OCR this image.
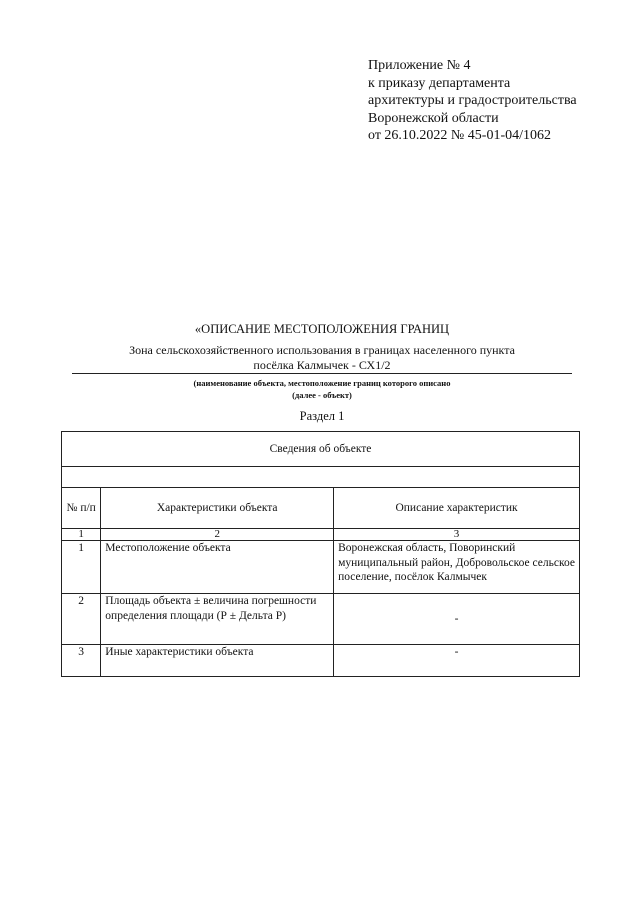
Приложение № 4
к приказу департамента
архитектуры и градостроительства
Воронежской области
от 26.10.2022 № 45-01-04/1062
«ОПИСАНИЕ МЕСТОПОЛОЖЕНИЯ ГРАНИЦ
Зона сельскохозяйственного использования в границах населенного пункта
посёлка Калмычек - СХ1/2
(наименование объекта, местоположение границ которого описано
(далее - объект)
Раздел 1
Сведения об объекте		

№ п/п	Характеристики объекта	Описание характеристик
1	2	3
1	Местоположение объекта	Воронежская область, Поворинский муниципальный район, Добровольское сельское поселение, посёлок Калмычек
2	Площадь объекта ± величина погрешности определения площади (Р ± Дельта Р)	-
3	Иные характеристики объекта	-
